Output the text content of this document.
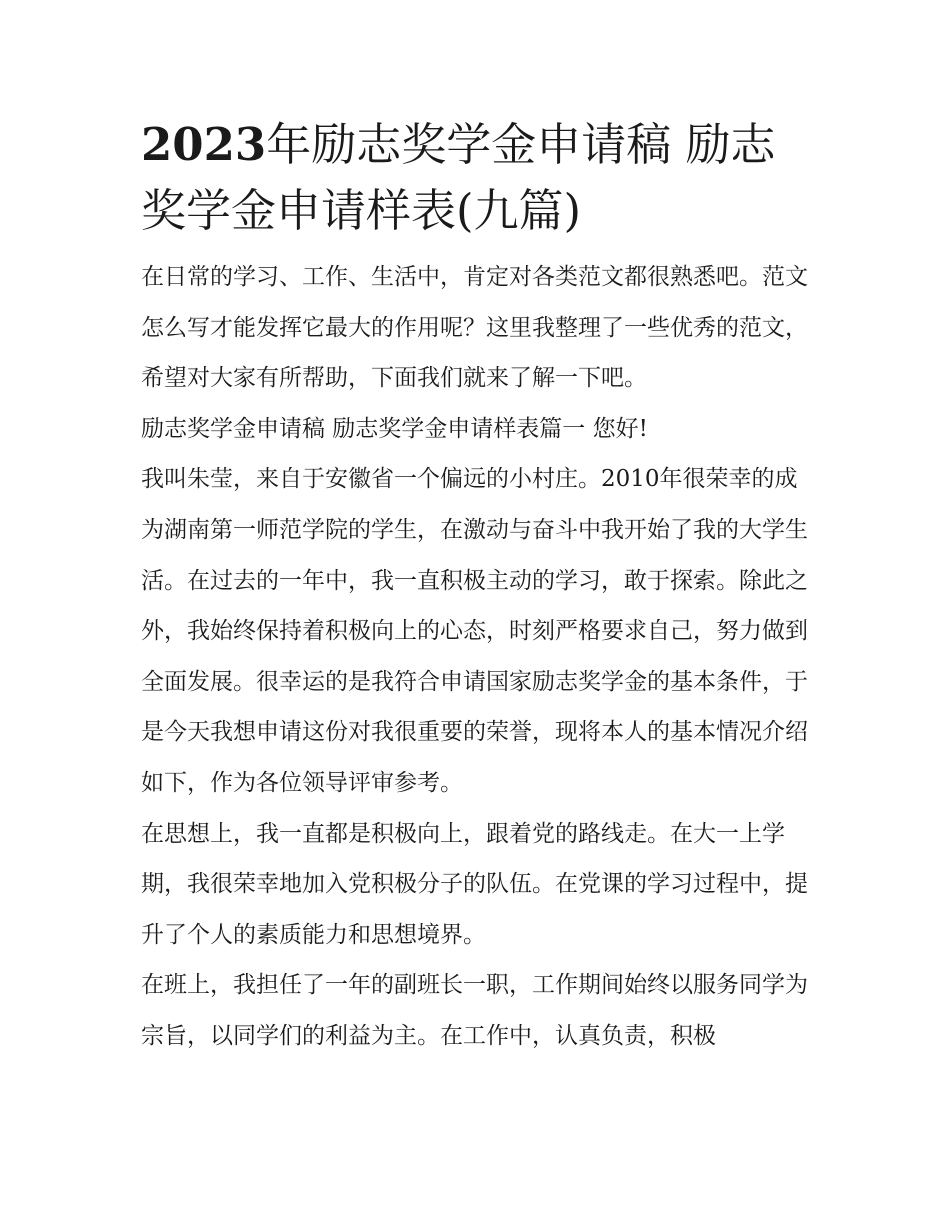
2023年励志奖学金申请稿 励志奖学金申请样表(九篇)

在日常的学习、工作、生活中，肯定对各类范文都很熟悉吧。范文怎么写才能发挥它最大的作用呢？这里我整理了一些优秀的范文，希望对大家有所帮助，下面我们就来了解一下吧。

励志奖学金申请稿 励志奖学金申请样表篇一 您好!

我叫朱莹，来自于安徽省一个偏远的小村庄。2010年很荣幸的成为湖南第一师范学院的学生，在激动与奋斗中我开始了我的大学生活。在过去的一年中，我一直积极主动的学习，敢于探索。除此之外，我始终保持着积极向上的心态，时刻严格要求自己，努力做到全面发展。很幸运的是我符合申请国家励志奖学金的基本条件，于是今天我想申请这份对我很重要的荣誉，现将本人的基本情况介绍如下，作为各位领导评审参考。

在思想上，我一直都是积极向上，跟着党的路线走。在大一上学期，我很荣幸地加入党积极分子的队伍。在党课的学习过程中，提升了个人的素质能力和思想境界。

在班上，我担任了一年的副班长一职，工作期间始终以服务同学为宗旨，以同学们的利益为主。在工作中，认真负责，积极
